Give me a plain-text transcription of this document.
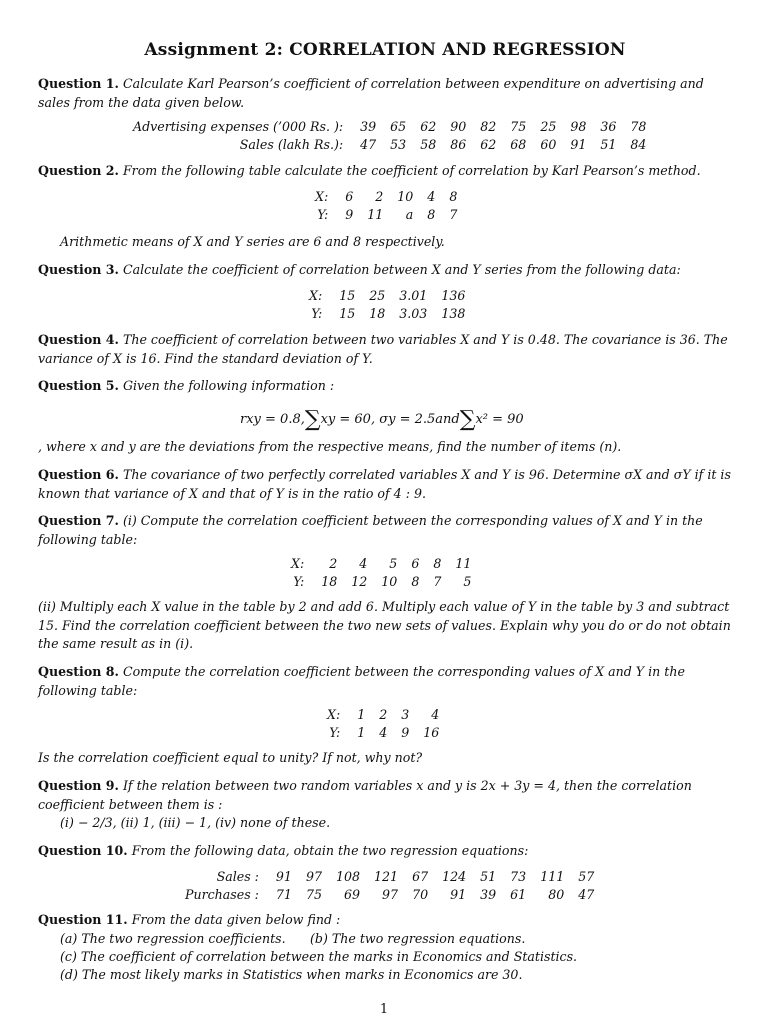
Assignment 2: CORRELATION AND REGRESSION
Question 1. Calculate Karl Pearson’s coefficient of correlation between expenditure on advertising and sales from the data given below.
Advertising expenses (’000 Rs. ):	39	65	62	90	82	75	25	98	36	78
Sales (lakh Rs.):	47	53	58	86	62	68	60	91	51	84
Question 2. From the following table calculate the coefficient of correlation by Karl Pearson’s method.
X:	6	2	10	4	8
Y:	9	11	a	8	7
Arithmetic means of X and Y series are 6 and 8 respectively.
Question 3. Calculate the coefficient of correlation between X and Y series from the following data:
X:	15	25	3.01	136
Y:	15	18	3.03	138
Question 4. The coefficient of correlation between two variables X and Y is 0.48. The covariance is 36. The variance of X is 16. Find the standard deviation of Y.
Question 5. Given the following information :
rxy = 0.8,∑xy = 60, σy = 2.5and∑x² = 90
, where x and y are the deviations from the respective means, find the number of items (n).
Question 6. The covariance of two perfectly correlated variables X and Y is 96. Determine σX and σY if it is known that variance of X and that of Y is in the ratio of 4 : 9.
Question 7. (i) Compute the correlation coefficient between the corresponding values of X and Y in the following table:
X:	2	4	5	6	8	11
Y:	18	12	10	8	7	5
(ii) Multiply each X value in the table by 2 and add 6. Multiply each value of Y in the table by 3 and subtract 15. Find the correlation coefficient between the two new sets of values. Explain why you do or do not obtain the same result as in (i).
Question 8. Compute the correlation coefficient between the corresponding values of X and Y in the following table:
X:	1	2	3	4
Y:	1	4	9	16
Is the correlation coefficient equal to unity? If not, why not?
Question 9. If the relation between two random variables x and y is 2x + 3y = 4, then the correlation coefficient between them is :
(i) − 2/3, (ii) 1, (iii) − 1, (iv) none of these.
Question 10. From the following data, obtain the two regression equations:
Sales :	91	97	108	121	67	124	51	73	111	57
Purchases :	71	75	69	97	70	91	39	61	80	47
Question 11. From the data given below find :
(a) The two regression coefficients. (b) The two regression equations.
(c) The coefficient of correlation between the marks in Economics and Statistics.
(d) The most likely marks in Statistics when marks in Economics are 30.
1
